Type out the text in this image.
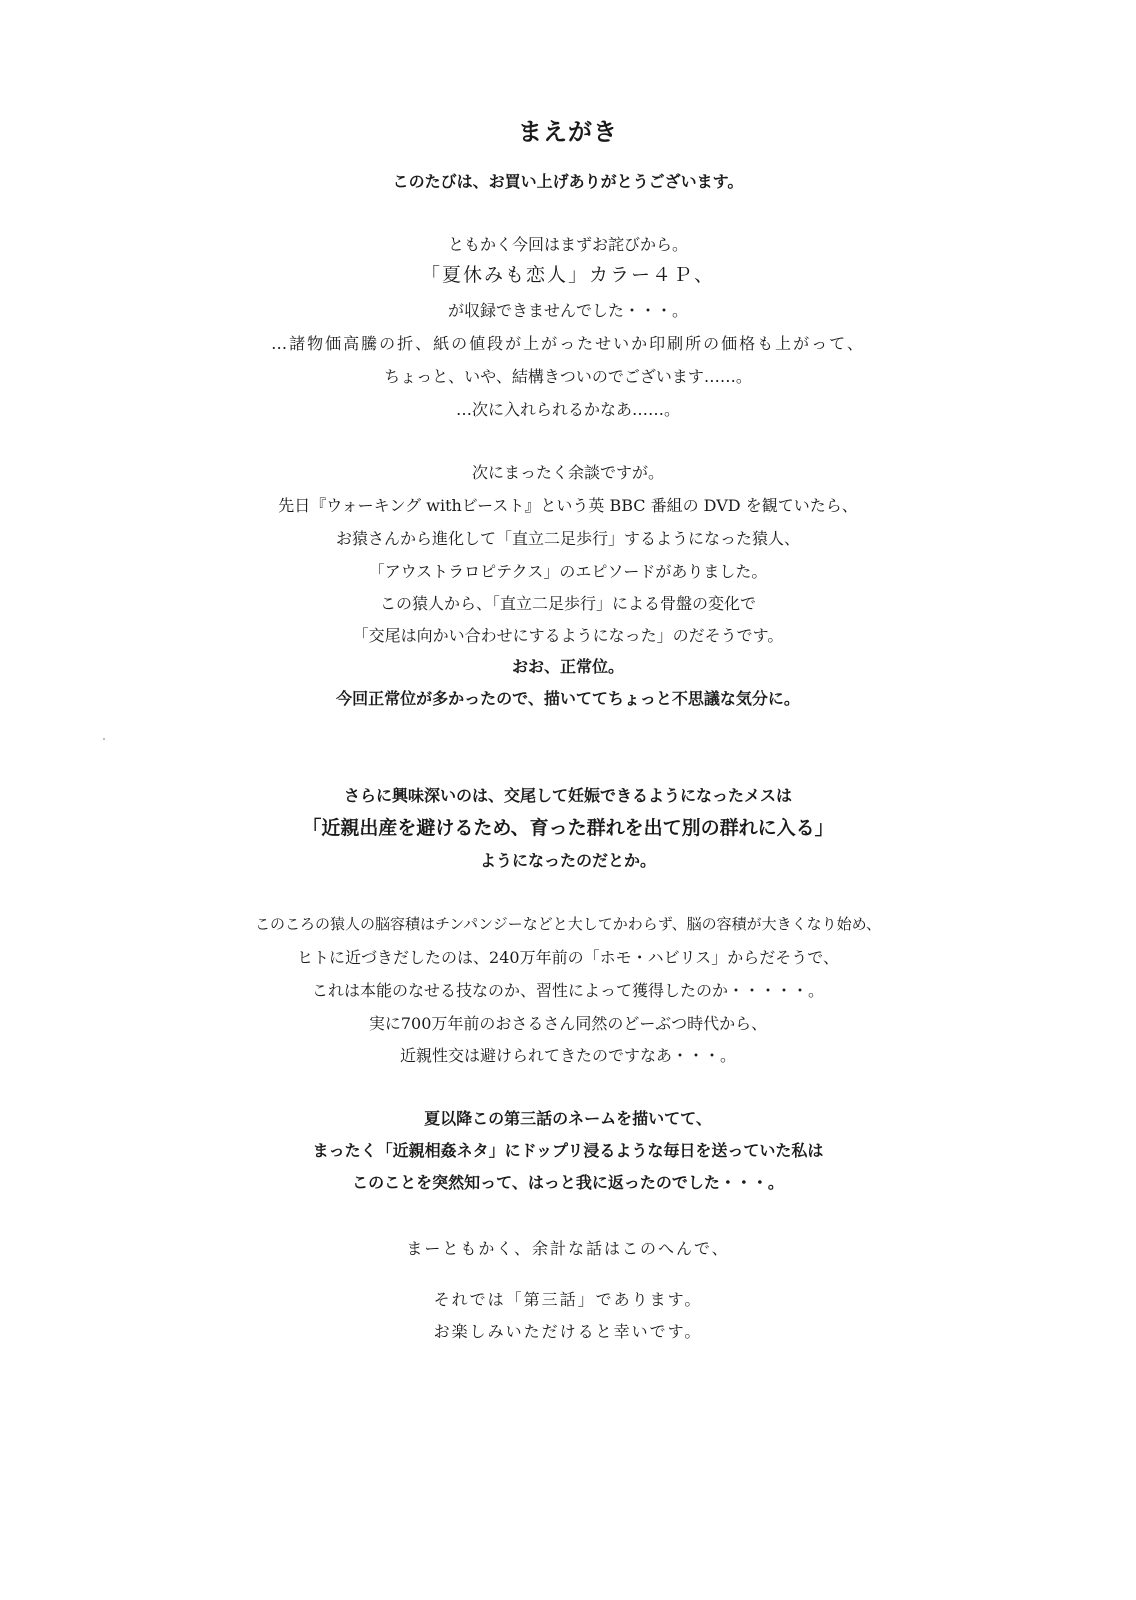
まえがき
このたびは、お買い上げありがとうございます。
ともかく今回はまずお詫びから。
「夏休みも恋人」カラー４Ｐ、
が収録できませんでした・・・。
…諸物価高騰の折、紙の値段が上がったせいか印刷所の価格も上がって、
ちょっと、いや、結構きついのでございます……。
…次に入れられるかなあ……。
次にまったく余談ですが。
先日『ウォーキング withビースト』という英 BBC 番組の DVD を観ていたら、
お猿さんから進化して「直立二足歩行」するようになった猿人、
「アウストラロピテクス」のエピソードがありました。
この猿人から、「直立二足歩行」による骨盤の変化で
「交尾は向かい合わせにするようになった」のだそうです。
おお、正常位。
今回正常位が多かったので、描いててちょっと不思議な気分に。
さらに興味深いのは、交尾して妊娠できるようになったメスは
「近親出産を避けるため、育った群れを出て別の群れに入る」
ようになったのだとか。
このころの猿人の脳容積はチンパンジーなどと大してかわらず、脳の容積が大きくなり始め、
ヒトに近づきだしたのは、240万年前の「ホモ・ハビリス」からだそうで、
これは本能のなせる技なのか、習性によって獲得したのか・・・・・。
実に700万年前のおさるさん同然のどーぶつ時代から、
近親性交は避けられてきたのですなあ・・・。
夏以降この第三話のネームを描いてて、
まったく「近親相姦ネタ」にドップリ浸るような毎日を送っていた私は
このことを突然知って、はっと我に返ったのでした・・・。
まーともかく、余計な話はこのへんで、
それでは「第三話」であります。
お楽しみいただけると幸いです。
